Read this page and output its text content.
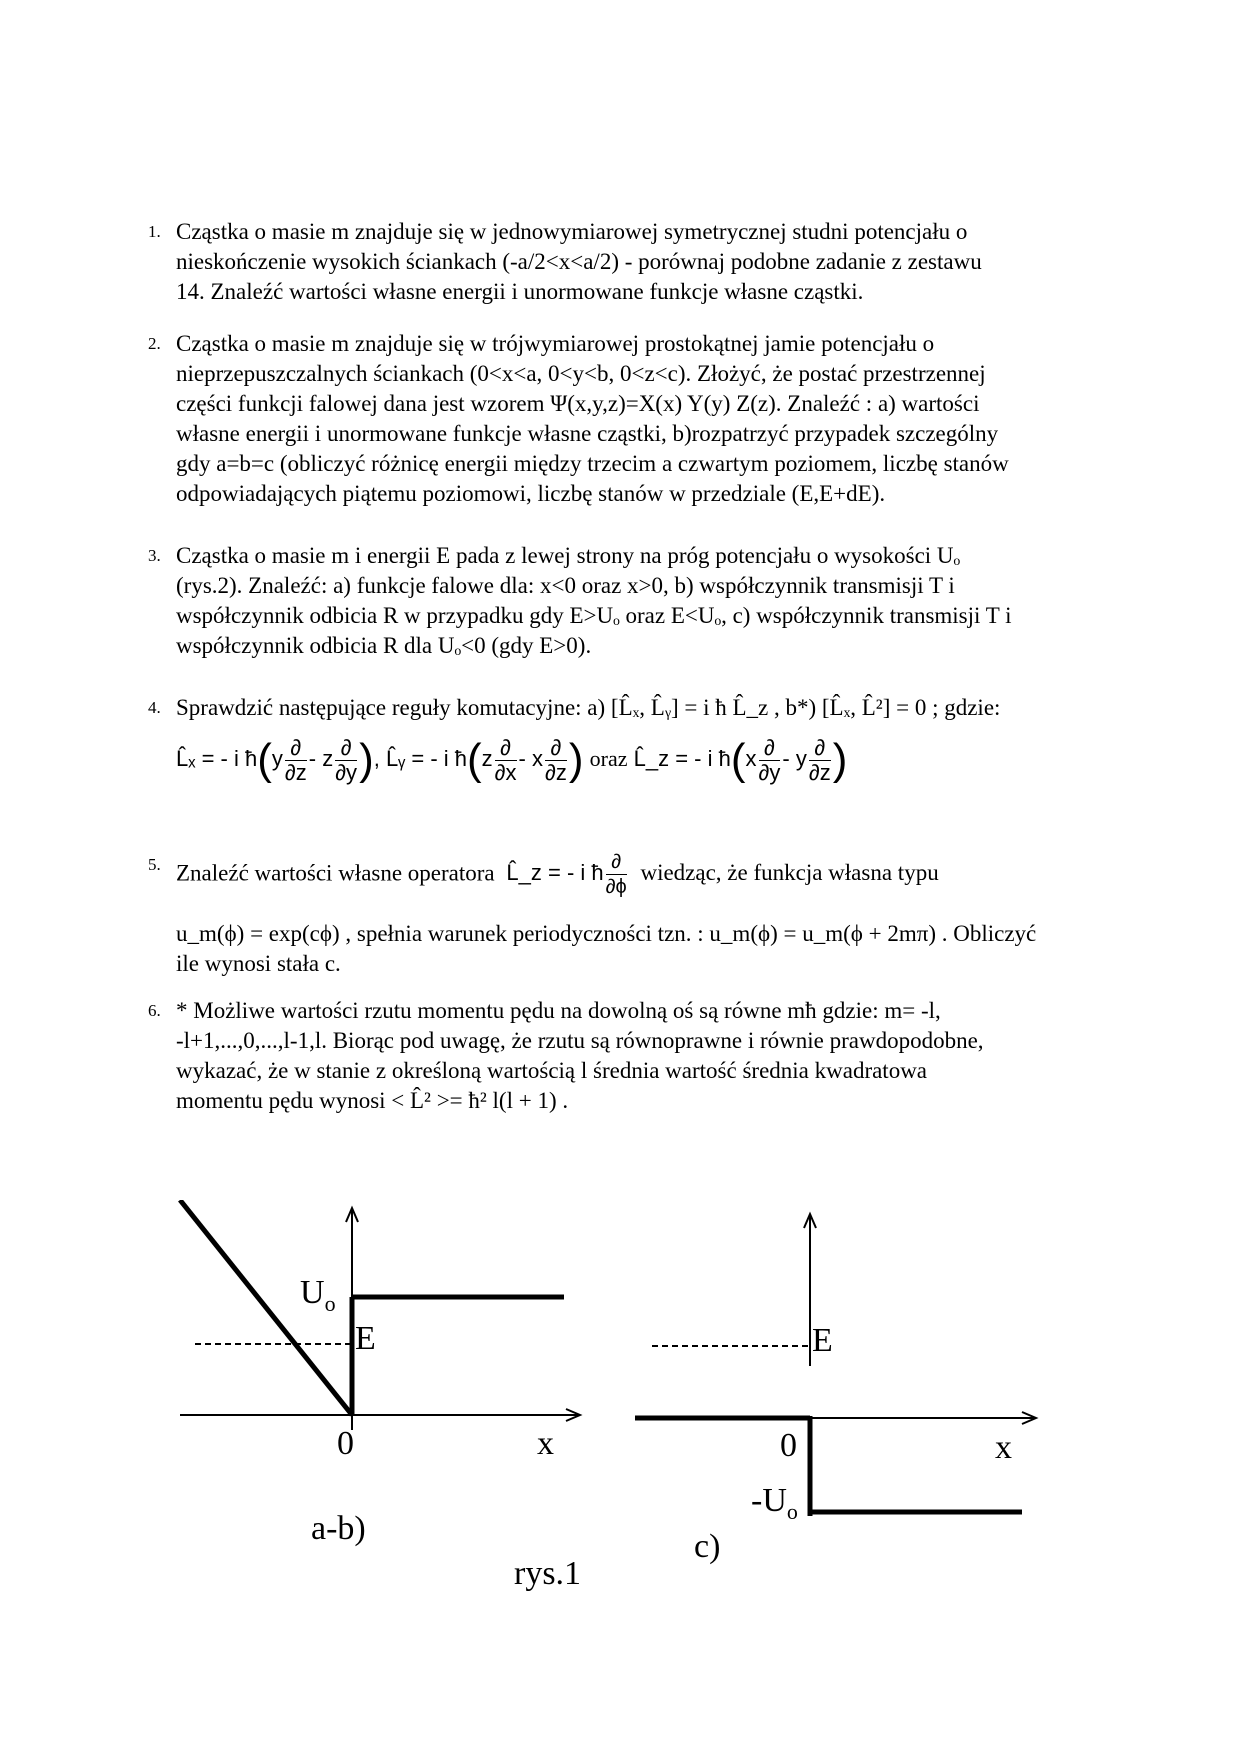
1. Cząstka o masie m znajduje się w jednowymiarowej symetrycznej studni potencjału o
nieskończenie wysokich ściankach (-a/2<x<a/2) - porównaj podobne zadanie z zestawu
14. Znaleźć wartości własne energii i unormowane funkcje własne cząstki.
2. Cząstka o masie m znajduje się w trójwymiarowej prostokątnej jamie potencjału o
nieprzepuszczalnych ściankach (0<x<a, 0<y<b, 0<z<c). Złożyć, że postać przestrzennej
części funkcji falowej dana jest wzorem Ψ(x,y,z)=X(x) Y(y) Z(z). Znaleźć : a) wartości
własne energii i unormowane funkcje własne cząstki, b)rozpatrzyć przypadek szczególny
gdy a=b=c (obliczyć różnicę energii między trzecim a czwartym poziomem, liczbę stanów
odpowiadających piątemu poziomowi, liczbę stanów w przedziale (E,E+dE).
3. Cząstka o masie m i energii E pada z lewej strony na próg potencjału o wysokości Uₒ
(rys.2). Znaleźć: a) funkcje falowe dla: x<0 oraz x>0, b) współczynnik transmisji T i
współczynnik odbicia R w przypadku gdy E>Uₒ oraz E<Uₒ, c) współczynnik transmisji T i
współczynnik odbicia R dla Uₒ<0 (gdy E>0).
4. Sprawdzić następujące reguły komutacyjne: a) [L̂ₓ, L̂ᵧ] = i ħ L̂_z , b*) [L̂ₓ, L̂²] = 0 ; gdzie:
L̂ₓ = - i ħ(y $\frac{\partial}{\partial z}$ - z $\frac{\partial}{\partial y}$ ), L̂ᵧ = - i ħ(z $\frac{\partial}{\partial x}$ - x $\frac{\partial}{\partial z}$ ) oraz L̂_z = - i ħ(x $\frac{\partial}{\partial y}$ - y $\frac{\partial}{\partial z}$ )
5. Znaleźć wartości własne operatora L̂_z = - i ħ $\frac{\partial}{\partial\phi}$ wiedząc, że funkcja własna typu
u_m(ϕ) = exp(cϕ) , spełnia warunek periodyczności tzn. : u_m(ϕ) = u_m(ϕ + 2mπ) . Obliczyć
ile wynosi stała c.
6. * Możliwe wartości rzutu momentu pędu na dowolną oś są równe mħ gdzie: m= -l,
-l+1,...,0,...,l-1,l. Biorąc pod uwagę, że rzutu są równoprawne i równie prawdopodobne,
wykazać, że w stanie z określoną wartością l średnia wartość średnia kwadratowa
momentu pędu wynosi < L̂² >= ħ² l(l + 1) .
$U_o$
E
0	x
a-b)
E
0	x
$-U_o$
c)
rys.1
